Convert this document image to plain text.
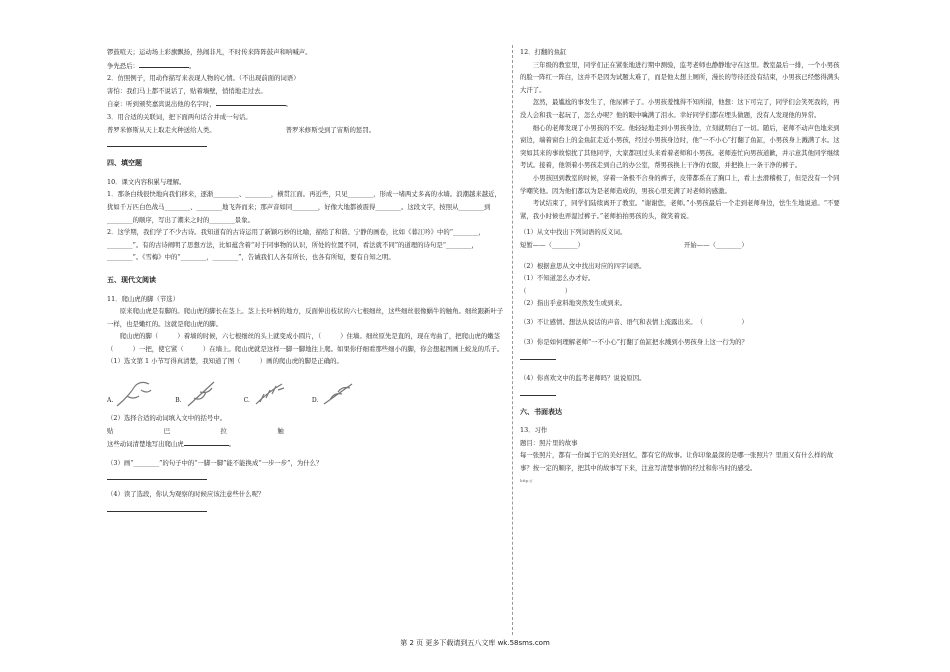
锣鼓喧天；运动场上彩旗飘扬，热闹非凡，不时传来阵阵鼓声和呐喊声。

争先恐后：	。

2．仿照例子，用动作描写来表现人物的心情。（不出现前面的词语）

害怕：我们马上都不说话了，贴着墙壁，悄悄地走过去。

自豪：听到颁奖嘉宾说出他的名字时，	。

3．用合适的关联词，把下面两句话合并成一句话。

普罗米修斯从天上取走火种送给人类。	普罗米修斯受到了宙斯的惩罚。

四、填空题

10．课文内容积累与理解。

1．那条白线很快地向我们移来，逐渐________、________，横贯江面。再近些，只见________，形成一堵两丈多高的水墙。浪潮越来越近，犹如千万匹白色战马________、________地飞奔而来；那声音如同________，好像大地都被震得________。这段文字，按照从________到________的顺序，写出了潮来之时的________景象。

2．这学期，我们学了不少古诗。我知道有的古诗运用了新颖巧妙的比喻，描绘了和谐、宁静的画卷，比如《暮江吟》中的“________，________”。有的古诗阐明了思想方法，比如蕴含着“对于同事物的认识，所处的位置不同，看法就不同”的道理的诗句是“________，________”。《雪梅》中的“________，________”，告诫我们人各有所长，也各有所短，要有自知之明。

五、现代文阅读

11．爬山虎的脚（节选）

原来爬山虎是有脚的。爬山虎的脚长在茎上。茎上长叶柄的地方，反面伸出枝状的六七根细丝，这些细丝很像蜗牛的触角。细丝跟新叶子一样，也是嫩红的。这就是爬山虎的脚。

爬山虎的脚（　　　）着墙的时候，六七根细丝的头上就变成小圆片，（　　　）住墙。细丝原先是直的，现在弯曲了，把爬山虎的嫩茎（　　　）一把，使它紧（　　　）在墙上。爬山虎就是这样一脚一脚地往上爬。如果你仔细看那些细小的脚，你会想起图画上蛟龙的爪子。

（1）选文第 1 小节写得真清楚，我知道了图（　　　）画的爬山虎的脚是正确的。

A.	B.	C.	D.

（2）选择合适的动词填入文中的括号中。

贴　巴　拉　触

这些动词清楚地写出爬山虎	。

（3）画“________”的句子中的“一脚一脚”能不能换成“一步一步”，为什么？

（4）读了选段，你认为观察的时候应该注意些什么呢？

12．打翻的鱼缸

三年级的教室里，同学们正在紧张地进行期中测验，监考老师也静静地守在这里。教室最后一排，一个小男孩的脸一阵红一阵白，这并不是因为试题太难了，而是他太想上厕所，漫长的等待还没有结束，小男孩已经憋得满头大汗了。

忽然，最尴尬的事发生了，他尿裤子了。小男孩羞愧得不知所措，他想：这下可完了，同学们会笑死我的，再没人会和我一起玩了，怎么办呢？他的眼中噙满了泪水。幸好同学们都在埋头做题，没有人发现他的异常。

细心的老师发现了小男孩的不安。他轻轻地走到小男孩身边，立刻就明白了一切。随后，老师不动声色地来到窗边，端着窗台上的金鱼缸走近小男孩，经过小男孩身边时，他“一不小心”打翻了鱼缸，小男孩身上溅满了水。这突如其来的事故惊扰了其他同学，大家都回过头来看着老师和小男孩。老师连忙向男孩道歉，并示意其他同学继续考试。接着，他领着小男孩走到自己的办公室，帮男孩换上干净的衣服，并把换上一条干净的裤子。

小男孩回到教室的时候，穿着一条极不合身的裤子，皮带都系在了胸口上，看上去滑稽极了，但是没有一个同学嘲笑他。因为他们都以为是老师造成的，男孩心里充满了对老师的感激。

考试结束了，同学们陆续离开了教室。“谢谢您，老师。”小男孩最后一个走到老师身边，怯生生地说道。“不要紧，我小时候也弄湿过裤子。”老师拍拍男孩的头，微笑着说。

（1）从文中找出下列词语的反义词。

短暂——（________）	开始——（________）

（2）根据意思从文中找出对应的四字词语。

（1）不知道怎么办才好。

（　　　　　　）

（2）指出乎意料地突然发生或到来。

（3）不让感情、想法从说话的声音、语气和表情上流露出来。　（　　　　　　）

（3）你是如何理解老师“一不小心”打翻了鱼缸把水溅到小男孩身上这一行为的？

（4）你喜欢文中的监考老师吗？说说原因。

六、书面表达

13．习作

题目：照片里的故事

每一张照片，都有一份属于它的美好回忆，都有它的故事。让你印象最深的是哪一张照片？里面又有什么样的故事？按一定的顺序，把其中的故事写下来，注意写清楚事情的经过和你当时的感受。

http://

第 2 页 更多下载请到五八文库 wk.58sms.com
